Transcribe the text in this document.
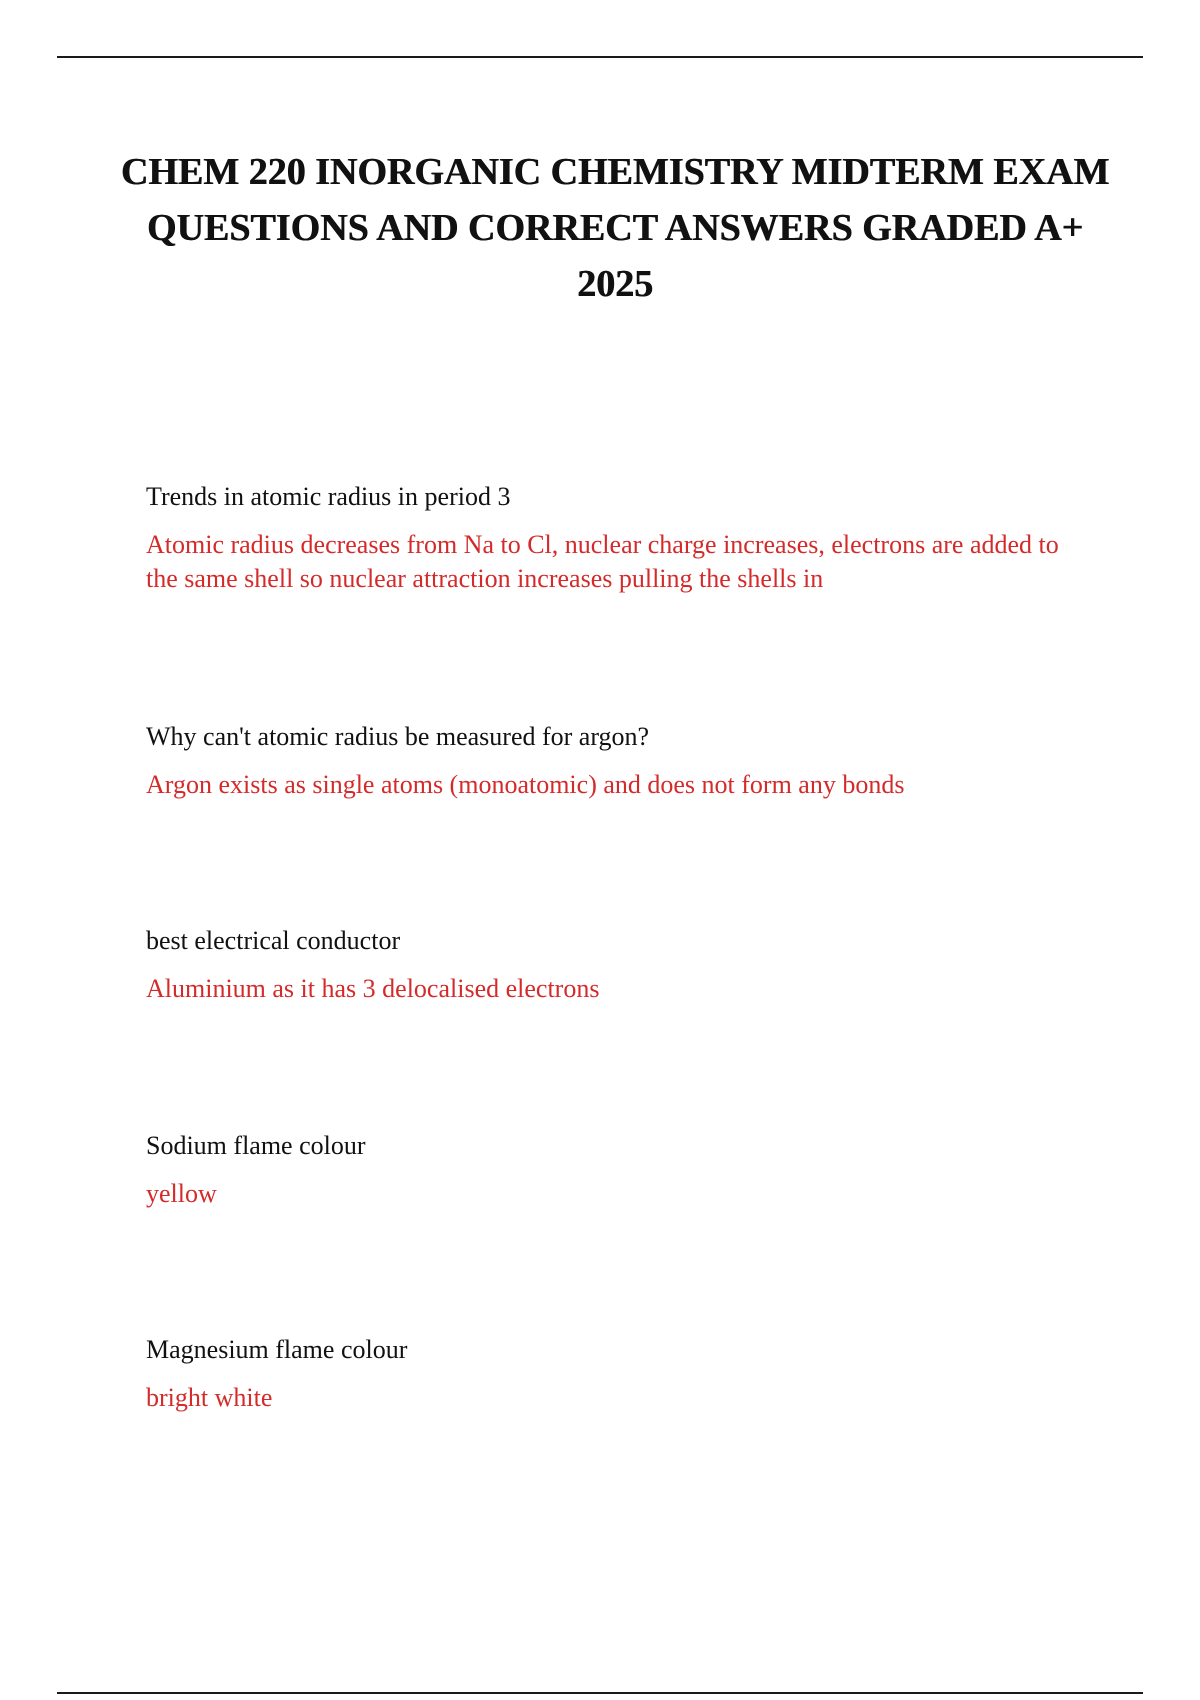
CHEM 220 INORGANIC CHEMISTRY MIDTERM EXAM QUESTIONS AND CORRECT ANSWERS GRADED A+ 2025

Trends in atomic radius in period 3

Atomic radius decreases from Na to Cl, nuclear charge increases, electrons are added to the same shell so nuclear attraction increases pulling the shells in

Why can't atomic radius be measured for argon?

Argon exists as single atoms (monoatomic) and does not form any bonds

best electrical conductor

Aluminium as it has 3 delocalised electrons

Sodium flame colour

yellow

Magnesium flame colour

bright white
